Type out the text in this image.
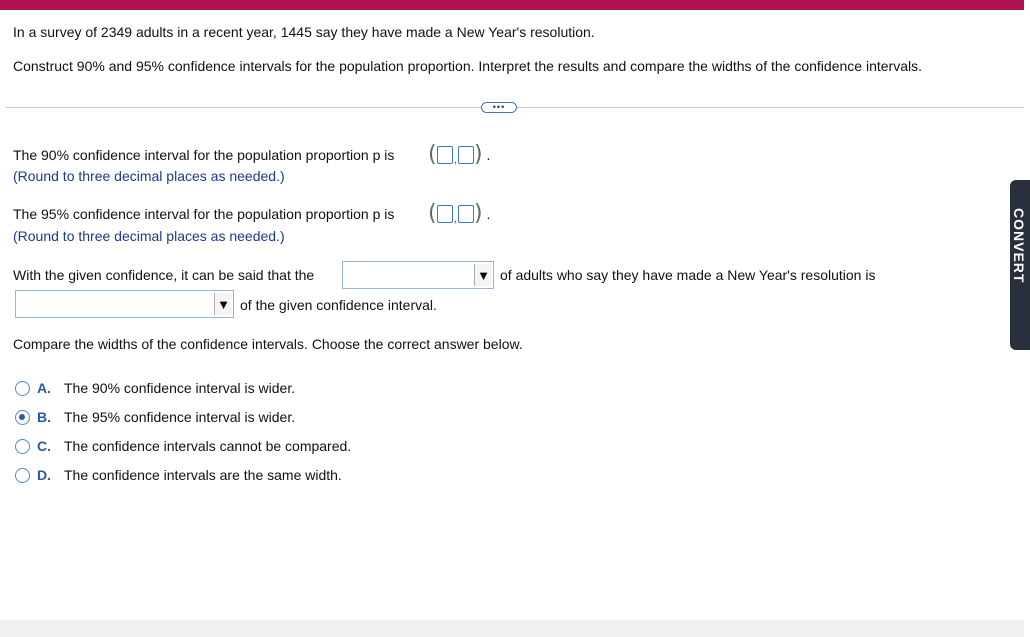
In a survey of 2349 adults in a recent year, 1445 say they have made a New Year's resolution.
Construct 90% and 95% confidence intervals for the population proportion. Interpret the results and compare the widths of the confidence intervals.
•••
The 90% confidence interval for the population proportion p is ( , ) .
(Round to three decimal places as needed.)
The 95% confidence interval for the population proportion p is ( , ) .
(Round to three decimal places as needed.)
With the given confidence, it can be said that the	▼ of adults who say they have made a New Year's resolution is
▼ of the given confidence interval.
Compare the widths of the confidence intervals. Choose the correct answer below.
A. The 90% confidence interval is wider.
B. The 95% confidence interval is wider.
C. The confidence intervals cannot be compared.
D. The confidence intervals are the same width.
CONVERT
